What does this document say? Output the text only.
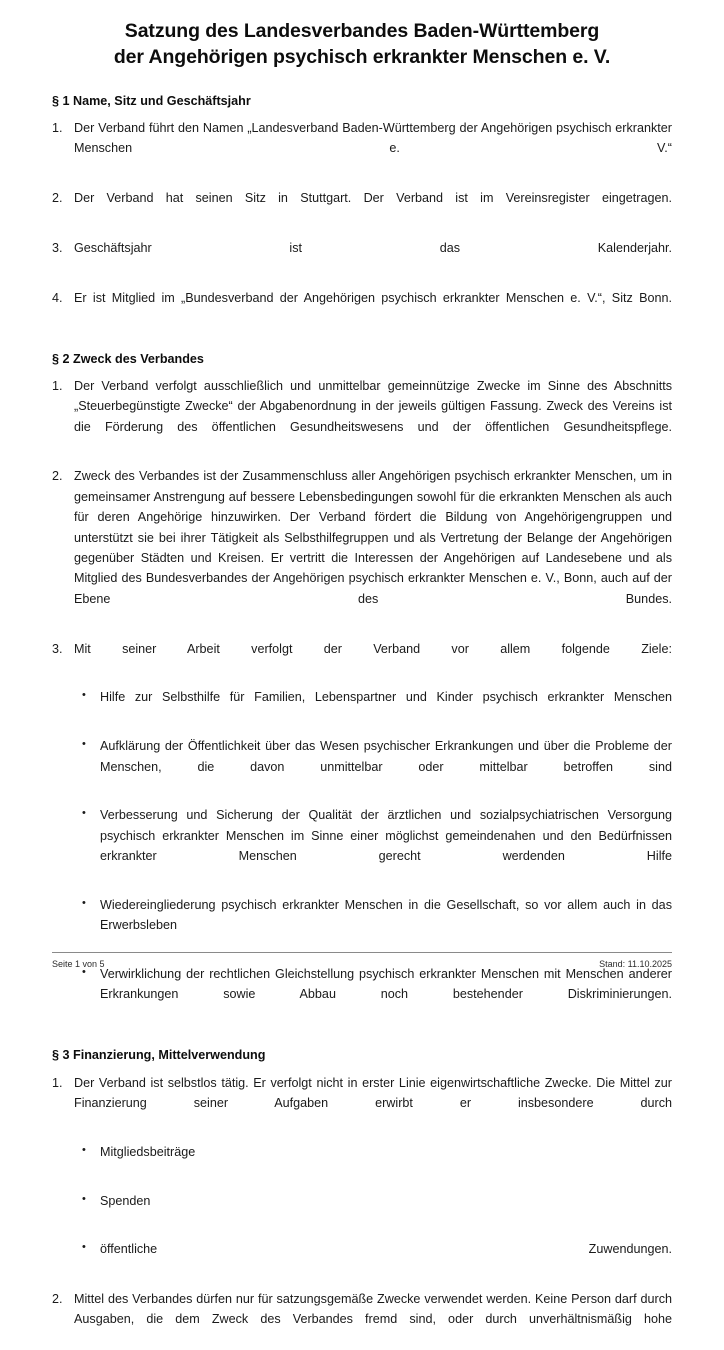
Satzung des Landesverbandes Baden-Württemberg
der Angehörigen psychisch erkrankter Menschen e. V.
§ 1 Name, Sitz und Geschäftsjahr
1. Der Verband führt den Namen „Landesverband Baden-Württemberg der Angehörigen psychisch erkrankter Menschen e. V.“
2. Der Verband hat seinen Sitz in Stuttgart. Der Verband ist im Vereinsregister eingetragen.
3. Geschäftsjahr ist das Kalenderjahr.
4. Er ist Mitglied im „Bundesverband der Angehörigen psychisch erkrankter Menschen e. V.“, Sitz Bonn.
§ 2 Zweck des Verbandes
1. Der Verband verfolgt ausschließlich und unmittelbar gemeinnützige Zwecke im Sinne des Abschnitts „Steuerbegünstigte Zwecke“ der Abgabenordnung in der jeweils gültigen Fassung. Zweck des Vereins ist die Förderung des öffentlichen Gesundheitswesens und der öffentlichen Gesundheitspflege.
2. Zweck des Verbandes ist der Zusammenschluss aller Angehörigen psychisch erkrankter Menschen, um in gemeinsamer Anstrengung auf bessere Lebensbedingungen sowohl für die erkrankten Menschen als auch für deren Angehörige hinzuwirken. Der Verband fördert die Bildung von Angehörigengruppen und unterstützt sie bei ihrer Tätigkeit als Selbsthilfegruppen und als Vertretung der Belange der Angehörigen gegenüber Städten und Kreisen. Er vertritt die Interessen der Angehörigen auf Landesebene und als Mitglied des Bundesverbandes der Angehörigen psychisch erkrankter Menschen e. V., Bonn, auch auf der Ebene des Bundes.
3. Mit seiner Arbeit verfolgt der Verband vor allem folgende Ziele:
• Hilfe zur Selbsthilfe für Familien, Lebenspartner und Kinder psychisch erkrankter Menschen
• Aufklärung der Öffentlichkeit über das Wesen psychischer Erkrankungen und über die Probleme der Menschen, die davon unmittelbar oder mittelbar betroffen sind
• Verbesserung und Sicherung der Qualität der ärztlichen und sozialpsychiatrischen Versorgung psychisch erkrankter Menschen im Sinne einer möglichst gemeindenahen und den Bedürfnissen erkrankter Menschen gerecht werdenden Hilfe
• Wiedereingliederung psychisch erkrankter Menschen in die Gesellschaft, so vor allem auch in das Erwerbsleben
• Verwirklichung der rechtlichen Gleichstellung psychisch erkrankter Menschen mit Menschen anderer Erkrankungen sowie Abbau noch bestehender Diskriminierungen.
§ 3 Finanzierung, Mittelverwendung
1. Der Verband ist selbstlos tätig. Er verfolgt nicht in erster Linie eigenwirtschaftliche Zwecke. Die Mittel zur Finanzierung seiner Aufgaben erwirbt er insbesondere durch
• Mitgliedsbeiträge
• Spenden
• öffentliche Zuwendungen.
2. Mittel des Verbandes dürfen nur für satzungsgemäße Zwecke verwendet werden. Keine Person darf durch Ausgaben, die dem Zweck des Verbandes fremd sind, oder durch unverhältnismäßig hohe
Seite 1 von 5	Stand: 11.10.2025
